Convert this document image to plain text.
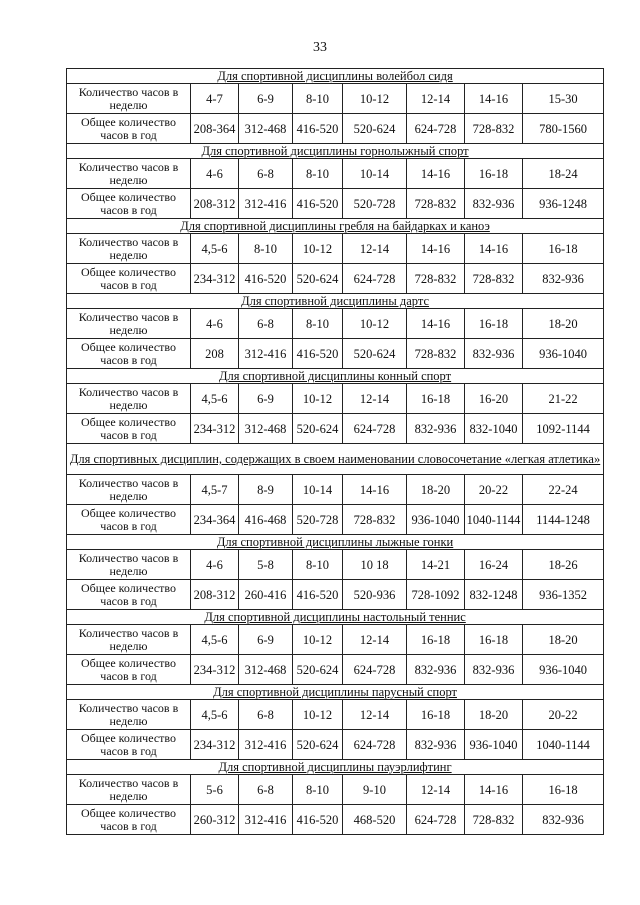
33
Для спортивной дисциплины волейбол сидя							
Количество часов в неделю	4-7	6-9	8-10	10-12	12-14	14-16	15-30
Общее количество часов в год	208-364	312-468	416-520	520-624	624-728	728-832	780-1560
Для спортивной дисциплины горнолыжный спорт							
Количество часов в неделю	4-6	6-8	8-10	10-14	14-16	16-18	18-24
Общее количество часов в год	208-312	312-416	416-520	520-728	728-832	832-936	936-1248
Для спортивной дисциплины гребля на байдарках и каноэ							
Количество часов в неделю	4,5-6	8-10	10-12	12-14	14-16	14-16	16-18
Общее количество часов в год	234-312	416-520	520-624	624-728	728-832	728-832	832-936
Для спортивной дисциплины дартс							
Количество часов в неделю	4-6	6-8	8-10	10-12	14-16	16-18	18-20
Общее количество часов в год	208	312-416	416-520	520-624	728-832	832-936	936-1040
Для спортивной дисциплины конный спорт							
Количество часов в неделю	4,5-6	6-9	10-12	12-14	16-18	16-20	21-22
Общее количество часов в год	234-312	312-468	520-624	624-728	832-936	832-1040	1092-1144
Для спортивных дисциплин, содержащих в своем наименовании словосочетание «легкая атлетика»							
Количество часов в неделю	4,5-7	8-9	10-14	14-16	18-20	20-22	22-24
Общее количество часов в год	234-364	416-468	520-728	728-832	936-1040	1040-1144	1144-1248
Для спортивной дисциплины лыжные гонки							
Количество часов в неделю	4-6	5-8	8-10	10 18	14-21	16-24	18-26
Общее количество часов в год	208-312	260-416	416-520	520-936	728-1092	832-1248	936-1352
Для спортивной дисциплины настольный теннис							
Количество часов в неделю	4,5-6	6-9	10-12	12-14	16-18	16-18	18-20
Общее количество часов в год	234-312	312-468	520-624	624-728	832-936	832-936	936-1040
Для спортивной дисциплины парусный спорт							
Количество часов в неделю	4,5-6	6-8	10-12	12-14	16-18	18-20	20-22
Общее количество часов в год	234-312	312-416	520-624	624-728	832-936	936-1040	1040-1144
Для спортивной дисциплины пауэрлифтинг							
Количество часов в неделю	5-6	6-8	8-10	9-10	12-14	14-16	16-18
Общее количество часов в год	260-312	312-416	416-520	468-520	624-728	728-832	832-936
